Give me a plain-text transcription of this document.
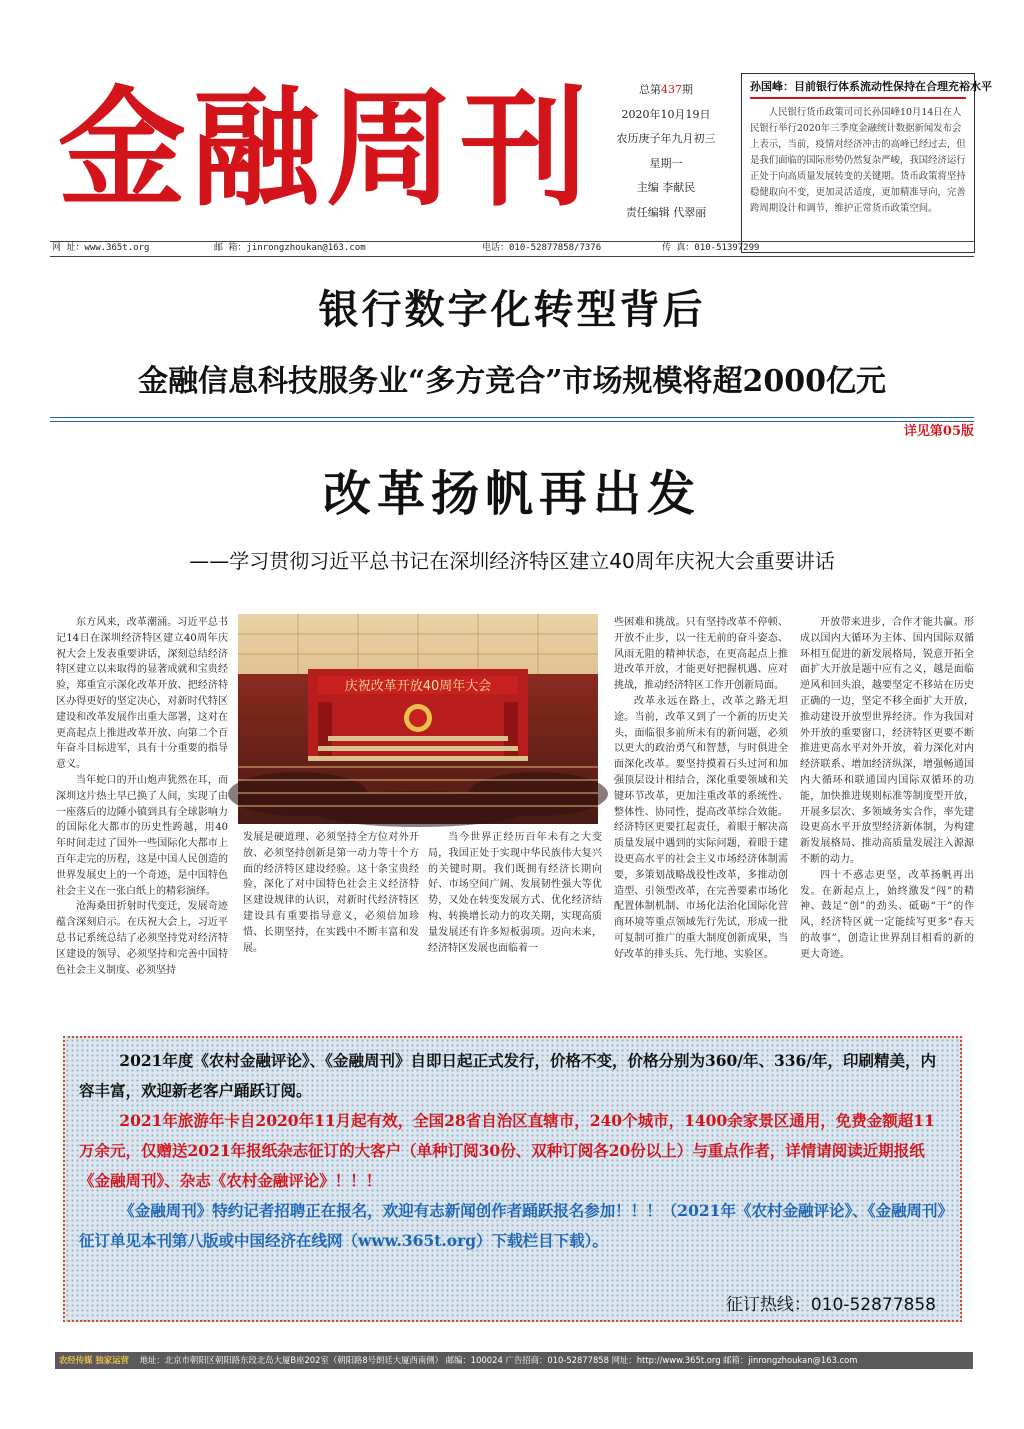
金融周刊	总第437期
2020年10月19日
农历庚子年九月初三
星期一
主编 李献民
责任编辑 代翠丽
孙国峰：目前银行体系流动性保持在合理充裕水平
人民银行货币政策司司长孙国峰10月14日在人民银行举行2020年三季度金融统计数据新闻发布会上表示，当前，疫情对经济冲击的高峰已经过去，但是我们面临的国际形势仍然复杂严峻，我国经济运行正处于向高质量发展转变的关键期。货币政策将坚持稳健取向不变，更加灵活适度，更加精准导向，完善跨周期设计和调节，维护正常货币政策空间。
网 址：www.365t.org	邮 箱：jinrongzhoukan@163.com	电话：010-52877858/7376	传 真：010-51397299
银行数字化转型背后
金融信息科技服务业“多方竞合”市场规模将超2000亿元
详见第05版
改革扬帆再出发
——学习贯彻习近平总书记在深圳经济特区建立40周年庆祝大会重要讲话

东方风来，改革潮涌。习近平总书记14日在深圳经济特区建立40周年庆祝大会上发表重要讲话，深刻总结经济特区建立以来取得的显著成就和宝贵经验，郑重宣示深化改革开放、把经济特区办得更好的坚定决心，对新时代特区建设和改革发展作出重大部署，这对在更高起点上推进改革开放、向第二个百年奋斗目标进军，具有十分重要的指导意义。

当年蛇口的开山炮声犹然在耳，而深圳这片热土早已换了人间，实现了由一座落后的边陲小镇到具有全球影响力的国际化大都市的历史性跨越，用40年时间走过了国外一些国际化大都市上百年走完的历程，这是中国人民创造的世界发展史上的一个奇迹，是中国特色社会主义在一张白纸上的精彩演绎。

沧海桑田折射时代变迁，发展奇迹蕴含深刻启示。在庆祝大会上，习近平总书记系统总结了必须坚持党对经济特区建设的领导、必须坚持和完善中国特色社会主义制度、必须坚持

庆祝改革开放40周年大会

发展是硬道理、必须坚持全方位对外开放、必须坚持创新是第一动力等十个方面的经济特区建设经验。这十条宝贵经验，深化了对中国特色社会主义经济特区建设规律的认识，对新时代经济特区建设具有重要指导意义，必须倍加珍惜、长期坚持，在实践中不断丰富和发展。

当今世界正经历百年未有之大变局，我国正处于实现中华民族伟大复兴的关键时期。我们既拥有经济长期向好、市场空间广阔、发展韧性强大等优势，又处在转变发展方式、优化经济结构、转换增长动力的攻关期，实现高质量发展还有许多短板弱项。迈向未来，经济特区发展也面临着一

些困难和挑战。只有坚持改革不停顿、开放不止步，以一往无前的奋斗姿态、风雨无阻的精神状态，在更高起点上推进改革开放，才能更好把握机遇、应对挑战，推动经济特区工作开创新局面。

改革永远在路上，改革之路无坦途。当前，改革又到了一个新的历史关头，面临很多前所未有的新问题，必须以更大的政治勇气和智慧，与时俱进全面深化改革。要坚持摸着石头过河和加强顶层设计相结合，深化重要领域和关键环节改革，更加注重改革的系统性、整体性、协同性，提高改革综合效能。经济特区更要扛起责任，着眼于解决高质量发展中遇到的实际问题，着眼于建设更高水平的社会主义市场经济体制需要，多策划战略战役性改革，多推动创造型、引领型改革，在完善要素市场化配置体制机制、市场化法治化国际化营商环境等重点领域先行先试，形成一批可复制可推广的重大制度创新成果，当好改革的排头兵、先行地、实验区。

开放带来进步，合作才能共赢。形成以国内大循环为主体、国内国际双循环相互促进的新发展格局，锐意开拓全面扩大开放是题中应有之义，越是面临逆风和回头浪，越要坚定不移站在历史正确的一边，坚定不移全面扩大开放，推动建设开放型世界经济。作为我国对外开放的重要窗口，经济特区更要不断推进更高水平对外开放，着力深化对内经济联系、增加经济纵深，增强畅通国内大循环和联通国内国际双循环的功能，加快推进规则标准等制度型开放，开展多层次、多领域务实合作，率先建设更高水平开放型经济新体制，为构建新发展格局、推动高质量发展注入源源不断的动力。

四十不惑志更坚，改革扬帆再出发。在新起点上，始终激发“闯”的精神、鼓足“创”的劲头、砥砺“干”的作风，经济特区就一定能续写更多“春天的故事”，创造让世界刮目相看的新的更大奇迹。

2021年度《农村金融评论》、《金融周刊》自即日起正式发行，价格不变，价格分别为360/年、336/年，印刷精美，内容丰富，欢迎新老客户踊跃订阅。

2021年旅游年卡自2020年11月起有效，全国28省自治区直辖市，240个城市，1400余家景区通用，免费金额超11万余元，仅赠送2021年报纸杂志征订的大客户（单种订阅30份、双种订阅各20份以上）与重点作者，详情请阅读近期报纸《金融周刊》、杂志《农村金融评论》！！！

《金融周刊》特约记者招聘正在报名，欢迎有志新闻创作者踊跃报名参加！！！（2021年《农村金融评论》、《金融周刊》征订单见本刊第八版或中国经济在线网（www.365t.org）下载栏目下载）。

征订热线：010-52877858
农经传媒 独家运营 地址：北京市朝阳区朝阳路东段北岛大厦B座202室（朝阳路8号朗廷大厦西南侧） 邮编：100024 广告招商：010-52877858 网址：http://www.365t.org 邮箱：jinrongzhoukan@163.com
